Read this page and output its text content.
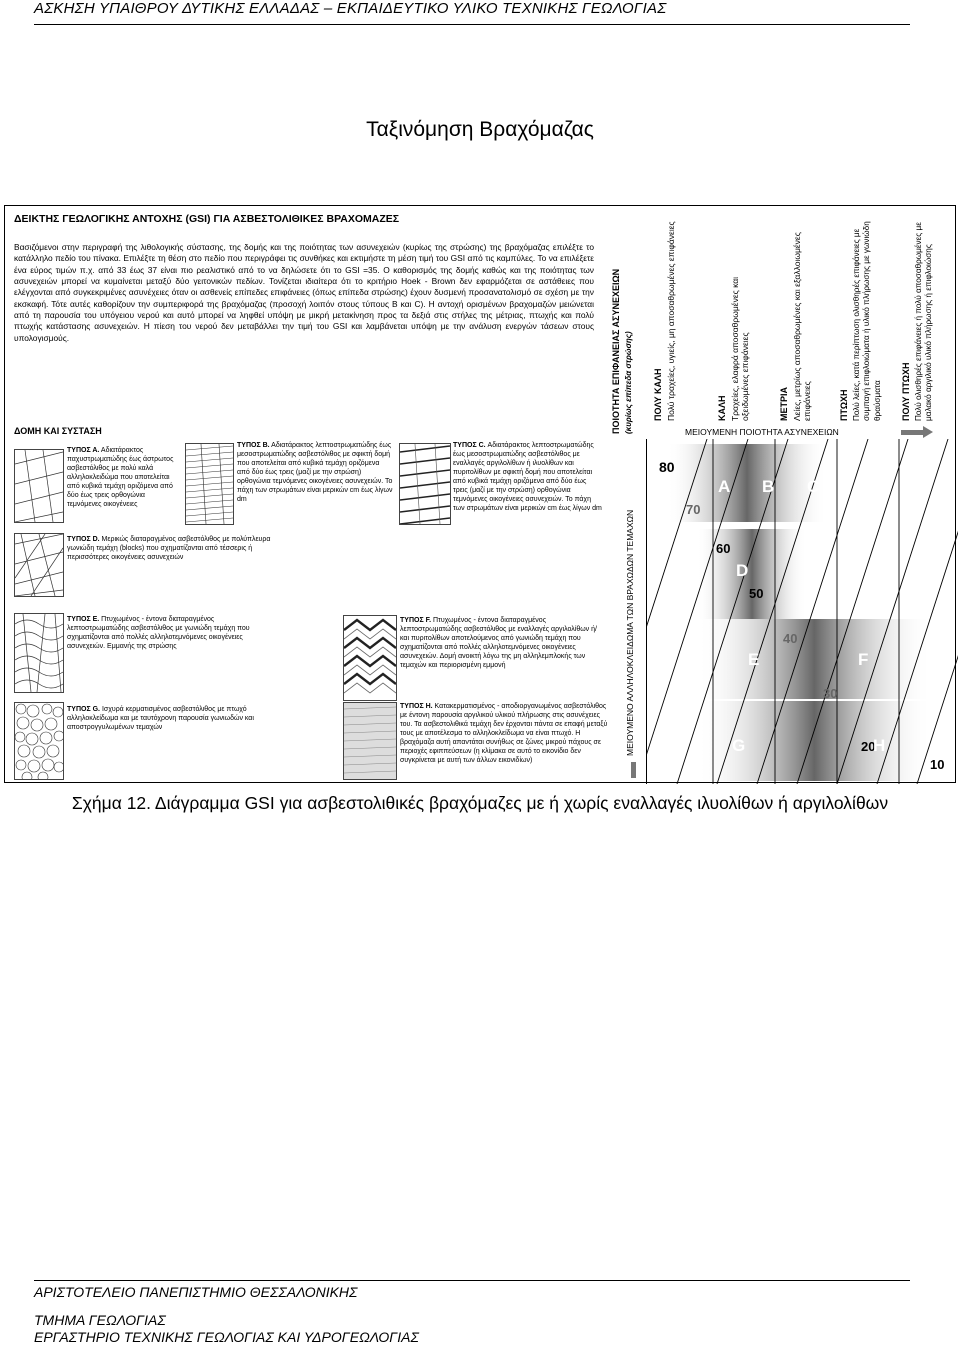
ΑΣΚΗΣΗ ΥΠΑΙΘΡΟΥ ΔΥΤΙΚΗΣ ΕΛΛΑΔΑΣ – ΕΚΠΑΙΔΕΥΤΙΚΟ ΥΛΙΚΟ ΤΕΧΝΙΚΗΣ ΓΕΩΛΟΓΙΑΣ
Ταξινόμηση Βραχόμαζας
ΔΕΙΚΤΗΣ ΓΕΩΛΟΓΙΚΗΣ ΑΝΤΟΧΗΣ (GSI) ΓΙΑ ΑΣΒΕΣΤΟΛΙΘΙΚΕΣ ΒΡΑΧΟΜΑΖΕΣ
Βασιζόμενοι στην περιγραφή της λιθολογικής σύστασης, της δομής και της ποιότητας των ασυνεχειών (κυρίως της στρώσης) της βραχόμαζας επιλέξτε το κατάλληλο πεδίο του πίνακα. Επιλέξτε τη θέση στο πεδίο που περιγράφει τις συνθήκες και εκτιμήστε τη μέση τιμή του GSI από τις καμπύλες. Το να επιλέξετε ένα εύρος τιμών π.χ. από 33 έως 37 είναι πιο ρεαλιστικό από το να δηλώσετε ότι το GSI =35. Ο καθορισμός της δομής καθώς και της ποιότητας των ασυνεχειών μπορεί να κυμαίνεται μεταξύ δύο γειτονικών πεδίων. Τονίζεται ιδιαίτερα ότι το κριτήριο Hoek - Brown δεν εφαρμόζεται σε αστάθειες που ελέγχονται από συγκεκριμένες ασυνέχειες όταν οι ασθενείς επίπεδες επιφάνειες (όπως επίπεδα στρώσης) έχουν δυσμενή προσανατολισμό σε σχέση με την εκσκαφή. Τότε αυτές καθορίζουν την συμπεριφορά της βραχόμαζας (προσοχή λοιπόν στους τύπους B και C). Η αντοχή ορισμένων βραχομαζών μειώνεται από τη παρουσία του υπόγειου νερού και αυτό μπορεί να ληφθεί υπόψη με μικρή μετακίνηση προς τα δεξιά στις στήλες της μέτριας, πτωχής και πολύ πτωχής κατάστασης ασυνεχειών. Η πίεση του νερού δεν μεταβάλλει την τιμή του GSI και λαμβάνεται υπόψη με την ανάλυση ενεργών τάσεων στους υπολογισμούς.
ΔΟΜΗ ΚΑΙ ΣΥΣΤΑΣΗ
ΤΥΠΟΣ Α. Αδιατάρακτος παχυστρωματώδης έως άστρωτος ασβεστόλιθος με πολύ καλά αλληλοκλειδώμα που αποτελείται από κυβικά τεμάχη οριζόμενα από δύο έως τρεις ορθογώνια τεμνόμενες οικογένειες
ΤΥΠΟΣ Β. Αδιατάρακτος λεπτοστρωματώδης έως μεσοστρωματώδης ασβεστόλιθος με σφικτή δομή που αποτελείται από κυβικά τεμάχη οριζόμενα από δύο έως τρεις (μαζί με την στρώση) ορθογώνια τεμνόμενες οικογένειες ασυνεχειών. Το πάχη των στρωμάτων είναι μερικών cm έως λίγων dm
ΤΥΠΟΣ C. Αδιατάρακτος λεπτοστρωματώδης έως μεσοστρωματώδης ασβεστόλιθος με εναλλαγές αργιλολίθων ή ιλυολίθων και πυριτολίθων με σφικτή δομή που αποτελείται από κυβικά τεμάχη οριζόμενα από δύο έως τρεις (μαζί με την στρώση) ορθογώνια τεμνόμενες οικογένειες ασυνεχειών. Το πάχη των στρωμάτων είναι μερικών cm έως λίγων dm
ΤΥΠΟΣ D. Μερικώς διαταραγμένος ασβεστόλιθος με πολύπλευρα γωνιώδη τεμάχη (blocks) που σχηματίζονται από τέσσερις ή περισσότερες οικογένειες ασυνεχειών
ΤΥΠΟΣ Ε. Πτυχωμένος - έντονα διαταραγμένος λεπτοστρωματώδης ασβεστόλιθος με γωνιώδη τεμάχη που σχηματίζονται από πολλές αλληλοτεμνόμενες οικογένειες ασυνεχειών. Εμμανής της στρώσης
ΤΥΠΟΣ F. Πτυχωμένος - έντονα διαταραγμένος λεπτοστρωματώδης ασβεστόλιθος με εναλλαγές αργιλολίθων ή/και πυριτολίθων αποτελούμενος από γωνιώδη τεμάχη που σχηματίζονται από πολλές αλληλοτεμνόμενες οικογένειες ασυνεχειών. Δομή ανοικτή λόγω της μη αλληλεμπλοκής των τεμαχών και περιορισμένη εμμονή
ΤΥΠΟΣ G. Ισχυρά κερματισμένος ασβεστόλιθος με πτωχό αλληλοκλείδωμα και με ταυτόχρονη παρουσία γωνιωδών και αποστρογγυλωμένων τεμαχών
ΤΥΠΟΣ Η. Κατακερματισμένος - αποδιοργανωμένος ασβεστόλιθος με έντονη παρουσία αργιλικού υλικού πλήρωσης στις ασυνέχειες του. Τα ασβεστολιθικά τεμάχη δεν έρχονται πάντα σε επαφή μεταξύ τους με αποτέλεσμα το αλληλοκλείδωμα να είναι πτωχό. Η βραχόμαζα αυτή απαντάται συνήθως σε ζώνες μικρού πάχους σε περιοχές εφιππεύσεων (η κλίμακα σε αυτό το εικονίδιο δεν συγκρίνεται με αυτή των άλλων εικονιδίων)
ΜΕΙΟΥΜΕΝΟ ΑΛΛΗΛΟΚΛΕΙΔΩΜΑ ΤΩΝ ΒΡΑΧΩΔΩΝ ΤΕΜΑΧΩΝ
ΠΟΙΟΤΗΤΑ ΕΠΙΦΑΝΕΙΑΣ ΑΣΥΝΕΧΕΙΩΝ (κυρίως επίπεδα στρώσης) ΠΟΛΥ ΚΑΛΗ Πολύ τραχείες, υγιείς, μη αποσαθρωμένες επιφάνειες	ΚΑΛΗ Τραχείες, ελαφρά αποσαθρωμένες και οξειδωμένες επιφάνειες	ΜΕΤΡΙΑ Λείες, μετρίως αποσαθρωμένες και εξαλλοιωμένες επιφάνειες	ΠΤΩΧΗ Πολύ λείες, κατά περίπτωση ολισθηρές επιφάνειες με συμπαγή επιφλοιώματα ή υλικό πλήρωσης με γωνιώδη θραύσματα ΠΟΛΥ ΠΤΩΧΗ Πολύ ολισθηρές επιφάνειες ή πολύ αποσαθρωμένες με μαλακό αργιλικό υλικό πλήρωσης ή επιφλοιώσης
ΜΕΙΟΥΜΕΝΗ ΠΟΙΟΤΗΤΑ ΑΣΥΝΕΧΕΙΩΝ
80
70
60
50
40
30
20
10
A B C
D
E	F
G	H
Σχήμα 12. Διάγραμμα GSI για ασβεστολιθικές βραχόμαζες με ή χωρίς εναλλαγές ιλυολίθων ή αργιλολίθων
ΑΡΙΣΤΟΤΕΛΕΙΟ ΠΑΝΕΠΙΣΤΗΜΙΟ ΘΕΣΣΑΛΟΝΙΚΗΣ
ΤΜΗΜΑ ΓΕΩΛΟΓΙΑΣ
ΕΡΓΑΣΤΗΡΙΟ ΤΕΧΝΙΚΗΣ ΓΕΩΛΟΓΙΑΣ ΚΑΙ ΥΔΡΟΓΕΩΛΟΓΙΑΣ
